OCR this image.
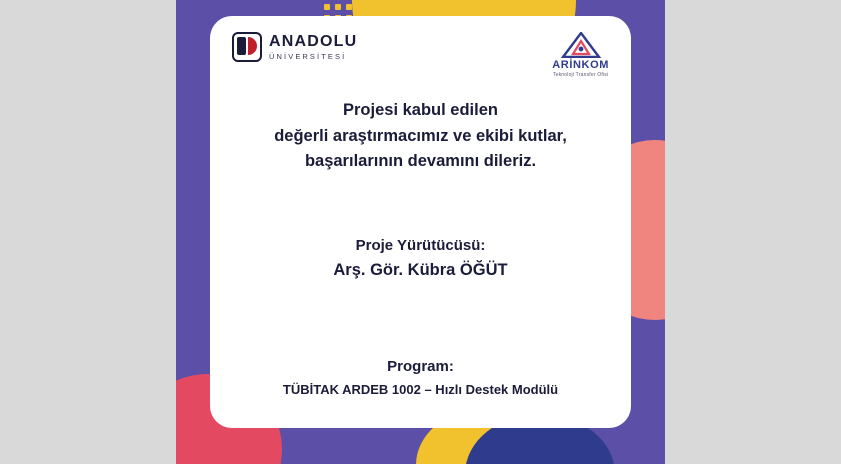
ANADOLU
ÜNİVERSİTESİ
ARİNKOM
Teknoloji Transfer Ofisi
Projesi kabul edilen
değerli araştırmacımız ve ekibi kutlar,
başarılarının devamını dileriz.
Proje Yürütücüsü:
Arş. Gör. Kübra ÖĞÜT
Program:
TÜBİTAK ARDEB 1002 – Hızlı Destek Modülü
